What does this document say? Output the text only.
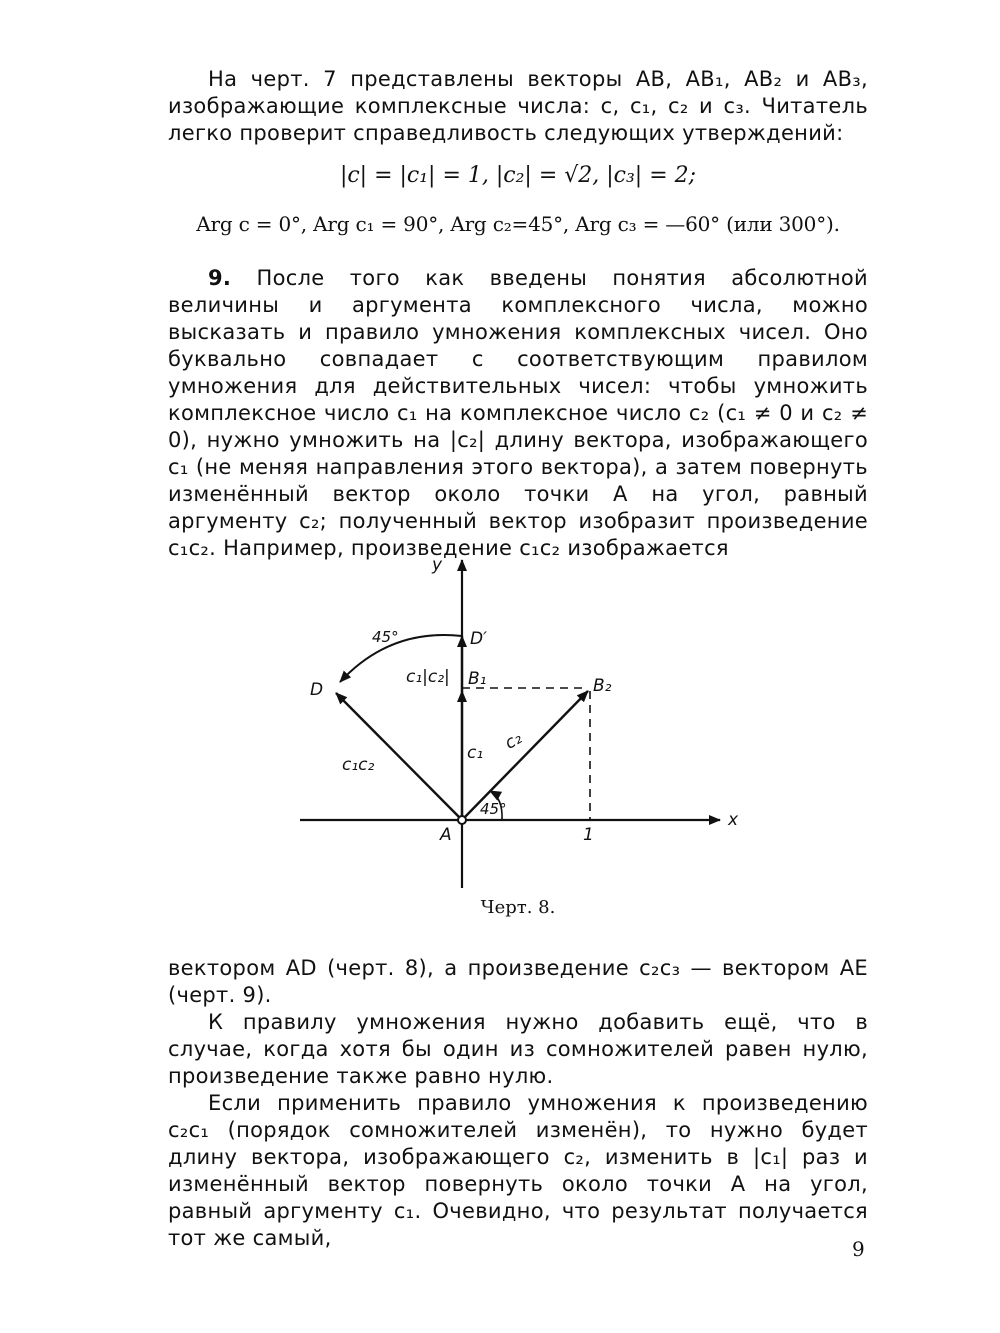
На черт. 7 представлены векторы AB, AB₁, AB₂ и AB₃, изображающие комплексные числа: c, c₁, c₂ и c₃. Читатель легко проверит справедливость следующих утверждений:

|c| = |c₁| = 1, |c₂| = √2, |c₃| = 2;
Arg c = 0°, Arg c₁ = 90°, Arg c₂=45°, Arg c₃ = —60° (или 300°).

9. После того как введены понятия абсолютной величины и аргумента комплексного числа, можно высказать и правило умножения комплексных чисел. Оно буквально совпадает с соответствующим правилом умножения для действительных чисел: чтобы умножить комплексное число c₁ на комплексное число c₂ (c₁ ≠ 0 и c₂ ≠ 0), нужно умножить на |c₂| длину вектора, изображающего c₁ (не меняя направления этого вектора), а затем повернуть изменённый вектор около точки A на угол, равный аргументу c₂; полученный вектор изобразит произведение c₁c₂. Например, произведение c₁c₂ изображается

y
x
A
D
D′
B₁	B₂
1
c₁ c₂
c₁c₂
c₁|c₂|
45°
45°
Черт. 8.

вектором AD (черт. 8), а произведение c₂c₃ — вектором AE (черт. 9).

К правилу умножения нужно добавить ещё, что в случае, когда хотя бы один из сомножителей равен нулю, произведение также равно нулю.

Если применить правило умножения к произведению c₂c₁ (порядок сомножителей изменён), то нужно будет длину вектора, изображающего c₂, изменить в |c₁| раз и изменённый вектор повернуть около точки A на угол, равный аргументу c₁. Очевидно, что результат получается тот же самый,	9
